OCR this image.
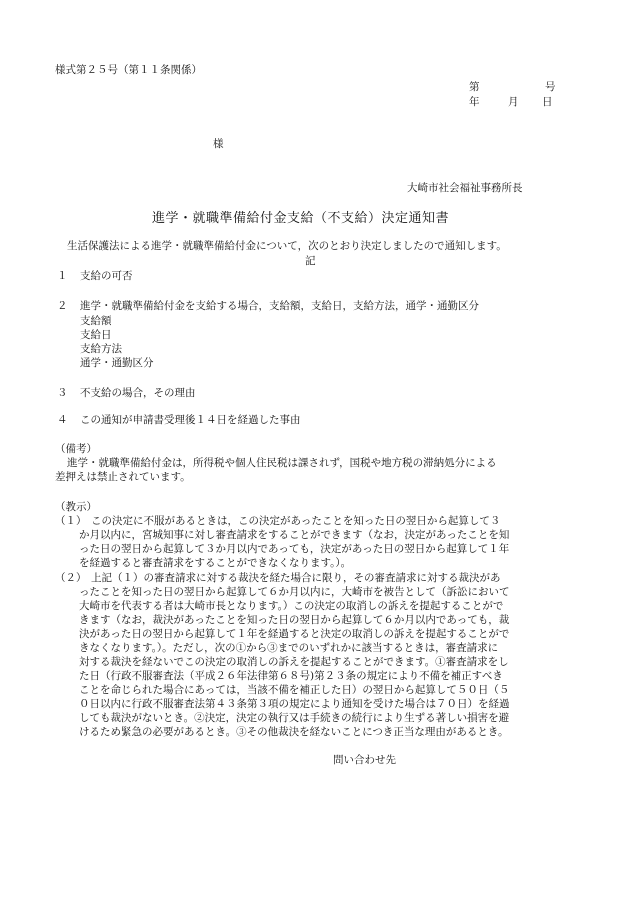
様式第２５号（第１１条関係）
第	号
年	月 日
様
大崎市社会福祉事務所長
進学・就職準備給付金支給（不支給）決定通知書
生活保護法による進学・就職準備給付金について，次のとおり決定しましたので通知します。
記
１ 支給の可否
２ 進学・就職準備給付金を支給する場合，支給額，支給日，支給方法，通学・通勤区分
支給額
支給日
支給方法
通学・通勤区分
３ 不支給の場合，その理由
４ この通知が申請書受理後１４日を経過した事由
（備考）
進学・就職準備給付金は，所得税や個人住民税は課されず，国税や地方税の滞納処分による
差押えは禁止されています。
（教示）
（１） この決定に不服があるときは，この決定があったことを知った日の翌日から起算して３
か月以内に，宮城知事に対し審査請求をすることができます（なお，決定があったことを知
った日の翌日から起算して３か月以内であっても，決定があった日の翌日から起算して１年
を経過すると審査請求をすることができなくなります。）。
（２） 上記（１）の審査請求に対する裁決を経た場合に限り，その審査請求に対する裁決があ
ったことを知った日の翌日から起算して６か月以内に，大崎市を被告として（訴訟において
大崎市を代表する者は大崎市長となります。）この決定の取消しの訴えを提起することがで
きます（なお，裁決があったことを知った日の翌日から起算して６か月以内であっても，裁
決があった日の翌日から起算して１年を経過すると決定の取消しの訴えを提起することがで
きなくなります。）。ただし，次の①から③までのいずれかに該当するときは，審査請求に
対する裁決を経ないでこの決定の取消しの訴えを提起することができます。①審査請求をし
た日（行政不服審査法（平成２６年法律第６８号)第２３条の規定により不備を補正すべき
ことを命じられた場合にあっては，当該不備を補正した日）の翌日から起算して５０日（５
０日以内に行政不服審査法第４３条第３項の規定により通知を受けた場合は７０日）を経過
しても裁決がないとき。②決定，決定の執行又は手続きの続行により生ずる著しい損害を避
けるため緊急の必要があるとき。③その他裁決を経ないことにつき正当な理由があるとき。
問い合わせ先
